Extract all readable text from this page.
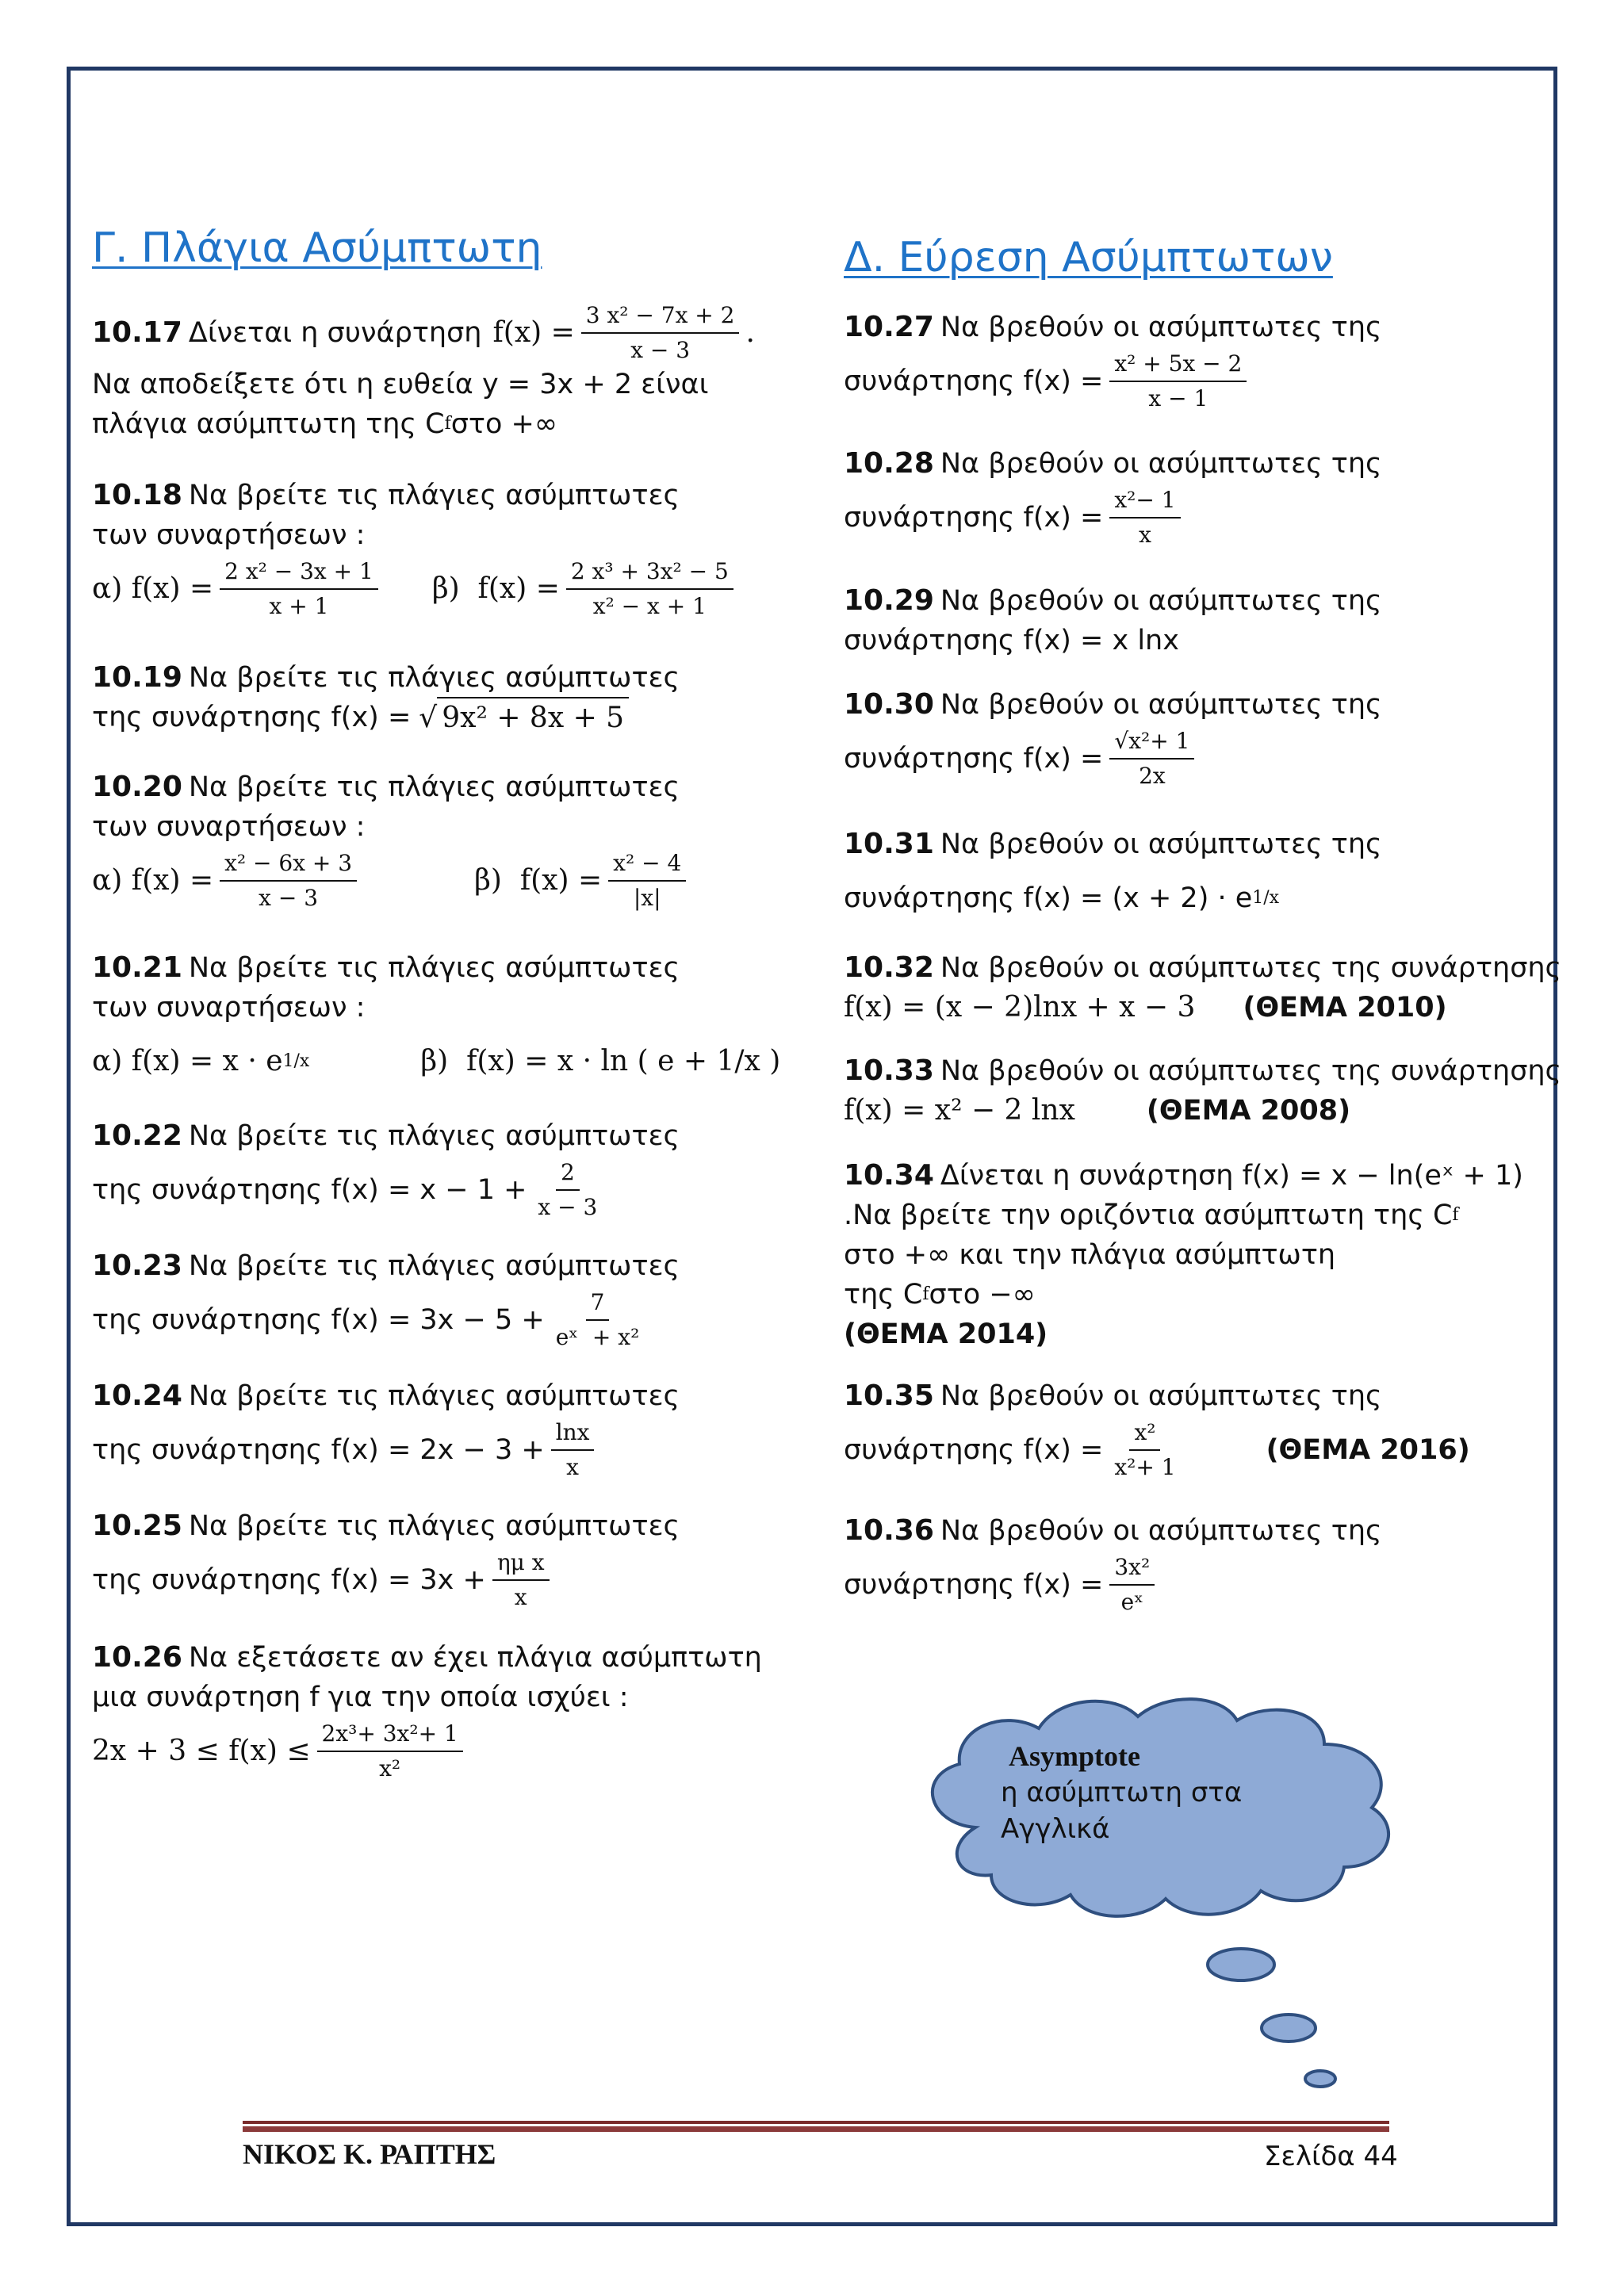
Γ. Πλάγια Ασύμπτωτη
10.17 Δίνεται η συνάρτηση $f(x) = \frac{\text{3 x² − 7x + 2}}{x - 3}$ .
Να αποδείξετε ότι η ευθεία y = 3x + 2 είναι
πλάγια ασύμπτωτη της C f στο +∞
10.18 Να βρείτε τις πλάγιες ασύμπτωτες
των συναρτήσεων :
α) $f(x) = \frac{\text{2 x² − 3x + 1}}{x + 1} \beta$)  $f(x) = \frac{\text{2 x³ + 3x² − 5}}{\text{x² − x + 1}}$
10.19 Να βρείτε τις πλάγιες ασύμπτωτες
της συνάρτησης f(x) = √ 9x² + 8x + 5
10.20 Να βρείτε τις πλάγιες ασύμπτωτες
των συναρτήσεων :
α) $f(x) = \frac{\text{x² − 6x + 3}}{x - 3}$	β)  $f(x) = \frac{\text{x² − 4}}{|x|}$
10.21 Να βρείτε τις πλάγιες ασύμπτωτες
των συναρτήσεων :
α) f(x) = x · e 1/x	β)  f(x) = x · ln ( e + 1/x )
10.22 Να βρείτε τις πλάγιες ασύμπτωτες
της συνάρτησης $f(x) = x - 1 + \frac{2}{x - 3}$
10.23 Να βρείτε τις πλάγιες ασύμπτωτες
της συνάρτησης $f(x) = 3x - 5 + \frac{7}{\text{eˣ  + x²}}$
10.24 Να βρείτε τις πλάγιες ασύμπτωτες
της συνάρτησης $f(x) = 2x - 3 + \frac{\ln x}{x}$
10.25 Να βρείτε τις πλάγιες ασύμπτωτες
της συνάρτησης $f(x) = 3x + \frac{\text{ημ x}}{x}$
10.26 Να εξετάσετε αν έχει πλάγια ασύμπτωτη
μια συνάρτηση f για την οποία ισχύει :
$2x + 3 \le f(x) \le \frac{\text{2x³+ 3x²+ 1}}{\text{x²}}$
Δ. Εύρεση Ασύμπτωτων
10.27 Να βρεθούν οι ασύμπτωτες της
συνάρτησης $f(x) = \frac{\text{x² + 5x − 2}}{x - 1}$
10.28 Να βρεθούν οι ασύμπτωτες της
συνάρτησης $f(x) = \frac{\text{x²− 1}}{x}$
10.29 Να βρεθούν οι ασύμπτωτες της
συνάρτησης f(x) = x lnx
10.30 Να βρεθούν οι ασύμπτωτες της
συνάρτησης $f(x) = \frac{\text{√x²+ 1}}{2x}$
10.31 Να βρεθούν οι ασύμπτωτες της
συνάρτησης f(x) = (x + 2) · e 1/x
10.32 Να βρεθούν οι ασύμπτωτες της συνάρτησης
f(x) = (x − 2)lnx + x − 3 (ΘΕΜΑ 2010)
10.33 Να βρεθούν οι ασύμπτωτες της συνάρτησης
f(x) = x² − 2 lnx	(ΘΕΜΑ 2008)
10.34 Δίνεται η συνάρτηση f(x) = x − ln(eˣ + 1)
.Να βρείτε την οριζόντια ασύμπτωτη της C f
στο +∞ και την πλάγια ασύμπτωτη
της C f στο −∞
(ΘΕΜΑ 2014)
10.35 Να βρεθούν οι ασύμπτωτες της
συνάρτησης $f(x) = \frac{\text{x²}}{\text{x²+ 1}}$	(ΘΕΜΑ 2016)
10.36 Να βρεθούν οι ασύμπτωτες της
συνάρτησης $f(x) = \frac{\text{3x²}}{\text{eˣ}}$
Asymptote
η ασύμπτωτη στα
Αγγλικά
ΝΙΚΟΣ Κ. ΡΑΠΤΗΣ	Σελίδα 44
